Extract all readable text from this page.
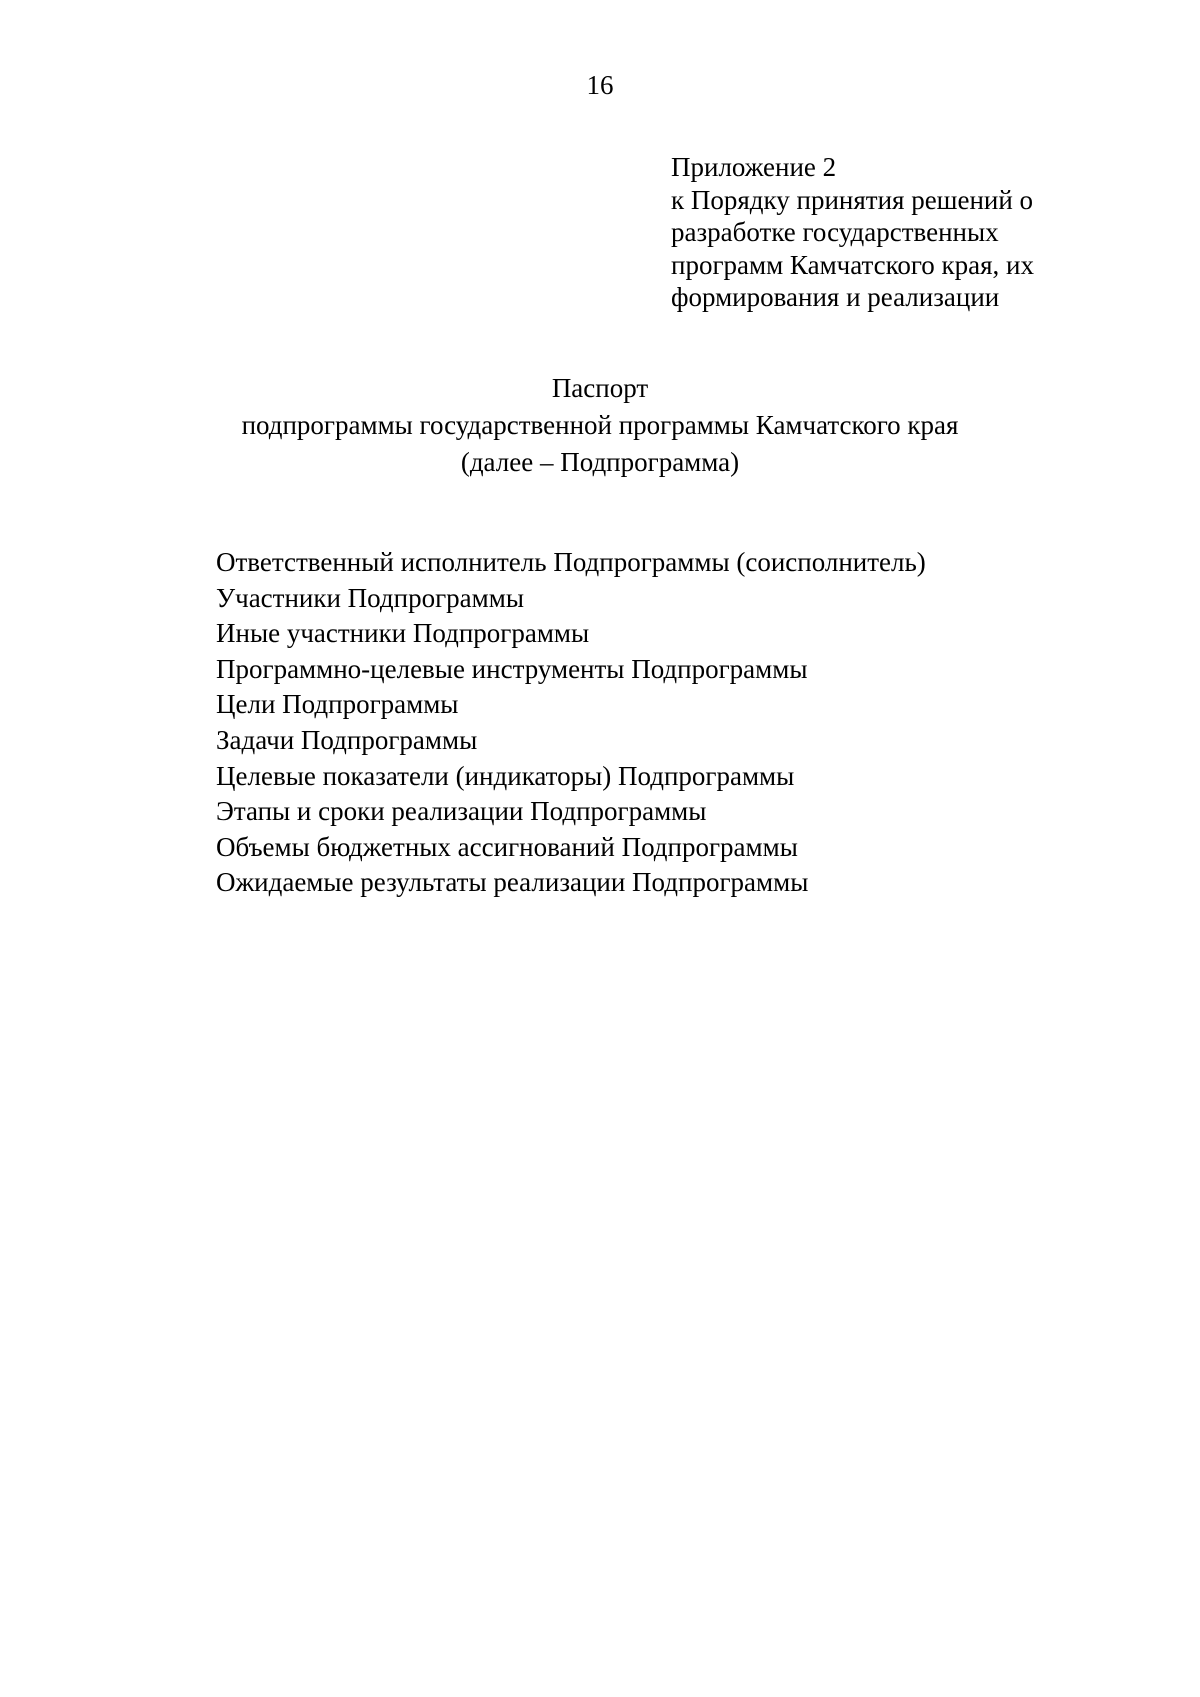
16
Приложение 2
к Порядку принятия решений о
разработке государственных
программ Камчатского края, их
формирования и реализации
Паспорт
подпрограммы государственной программы Камчатского края
(далее – Подпрограмма)
Ответственный исполнитель Подпрограммы (соисполнитель)
Участники Подпрограммы
Иные участники Подпрограммы
Программно-целевые инструменты Подпрограммы
Цели Подпрограммы
Задачи Подпрограммы
Целевые показатели (индикаторы) Подпрограммы
Этапы и сроки реализации Подпрограммы
Объемы бюджетных ассигнований Подпрограммы
Ожидаемые результаты реализации Подпрограммы
